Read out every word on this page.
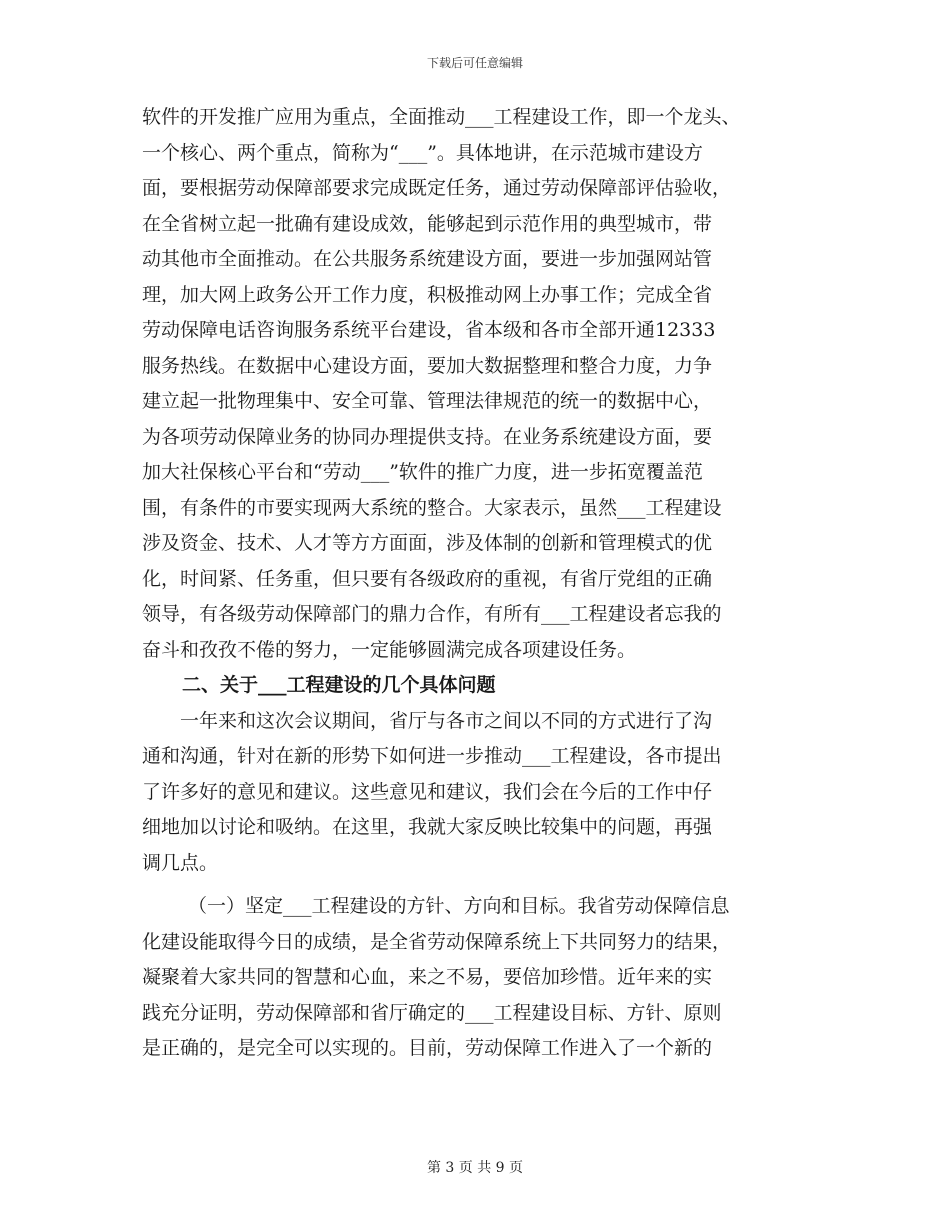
下载后可任意编辑
软件的开发推广应用为重点，全面推动___工程建设工作，即一个龙头、
一个核心、两个重点，简称为“___”。具体地讲，在示范城市建设方
面，要根据劳动保障部要求完成既定任务，通过劳动保障部评估验收，
在全省树立起一批确有建设成效，能够起到示范作用的典型城市，带
动其他市全面推动。在公共服务系统建设方面，要进一步加强网站管
理，加大网上政务公开工作力度，积极推动网上办事工作；完成全省
劳动保障电话咨询服务系统平台建设，省本级和各市全部开通12333
服务热线。在数据中心建设方面，要加大数据整理和整合力度，力争
建立起一批物理集中、安全可靠、管理法律规范的统一的数据中心，
为各项劳动保障业务的协同办理提供支持。在业务系统建设方面，要
加大社保核心平台和“劳动___”软件的推广力度，进一步拓宽覆盖范
围，有条件的市要实现两大系统的整合。大家表示，虽然___工程建设
涉及资金、技术、人才等方方面面，涉及体制的创新和管理模式的优
化，时间紧、任务重，但只要有各级政府的重视，有省厅党组的正确
领导，有各级劳动保障部门的鼎力合作，有所有___工程建设者忘我的
奋斗和孜孜不倦的努力，一定能够圆满完成各项建设任务。
二、关于___工程建设的几个具体问题
一年来和这次会议期间，省厅与各市之间以不同的方式进行了沟
通和沟通，针对在新的形势下如何进一步推动___工程建设，各市提出
了许多好的意见和建议。这些意见和建议，我们会在今后的工作中仔
细地加以讨论和吸纳。在这里，我就大家反映比较集中的问题，再强
调几点。
（一）坚定___工程建设的方针、方向和目标。我省劳动保障信息
化建设能取得今日的成绩，是全省劳动保障系统上下共同努力的结果，
凝聚着大家共同的智慧和心血，来之不易，要倍加珍惜。近年来的实
践充分证明，劳动保障部和省厅确定的___工程建设目标、方针、原则
是正确的，是完全可以实现的。目前，劳动保障工作进入了一个新的
第 3 页 共 9 页
